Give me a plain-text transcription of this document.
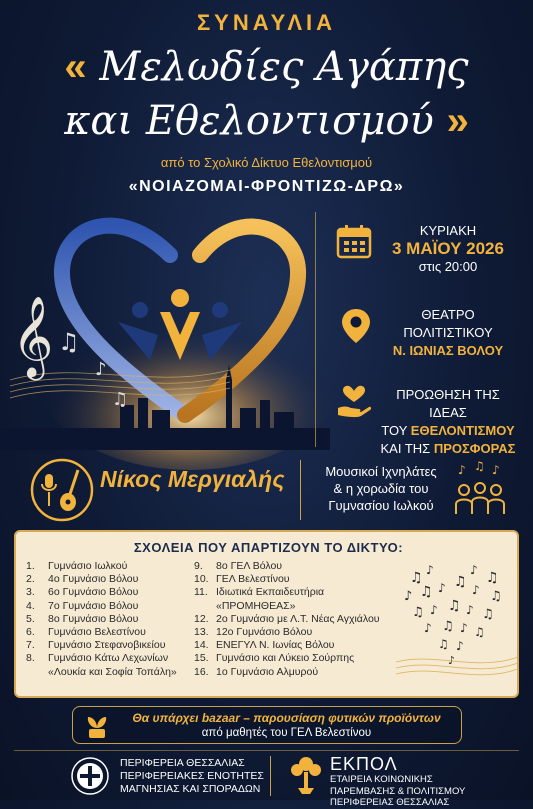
ΣΥΝΑΥΛΙΑ
« Μελωδίες Αγάπης
και Εθελοντισμού »
από το Σχολικό Δίκτυο Εθελοντισμού
«ΝΟΙΑΖΟΜΑΙ-ΦΡΟΝΤΙΖΩ-ΔΡΩ»
𝄞 ♫
♪
♫
ΚΥΡΙΑΚΗ
3 ΜΑΪΟΥ 2026
στις 20:00
ΘΕΑΤΡΟ
ΠΟΛΙΤΙΣΤΙΚΟΥ
Ν. ΙΩΝΙΑΣ ΒΟΛΟΥ
ΠΡΟΩΘΗΣΗ ΤΗΣ ΙΔΕΑΣ
ΤΟΥ ΕΘΕΛΟΝΤΙΣΜΟΥ
ΚΑΙ ΤΗΣ ΠΡΟΣΦΟΡΑΣ
Νίκος Μεργιαλής	Μουσικοί Ιχνηλάτες
& η χορωδία του
Γυμνασίου Ιωλκού
♪ ♫ ♪
ΣΧΟΛΕΙΑ ΠΟΥ ΑΠΑΡΤΙΖΟΥΝ ΤΟ ΔΙΚΤΥΟ:
1.	Γυμνάσιο Ιωλκού
2.	4ο Γυμνάσιο Βόλου
3.	6ο Γυμνάσιο Βόλου
4.	7ο Γυμνάσιο Βόλου
5.	8ο Γυμνάσιο Βόλου
6.	Γυμνάσιο Βελεστίνου
7.	Γυμνάσιο Στεφανοβικείου
8.	Γυμνάσιο Κάτω Λεχωνίων
«Λουκία και Σοφία Τοπάλη»
9.	8ο ΓΕΛ Βόλου
10. ΓΕΛ Βελεστίνου
11. Ιδιωτικά Εκπαιδευτήρια «ΠΡΟΜΗΘΕΑΣ»
12. 2ο Γυμνάσιο με Λ.Τ. Νέας Αγχιάλου
13. 12ο Γυμνάσιο Βόλου
14. ΕΝΕΓΥΛ Ν. Ιωνίας Βόλου
15. Γυμνάσιο και Λύκειο Σούρπης
16. 1ο Γυμνάσιο Αλμυρού
♫ ♪	♪ ♫
♪ ♫ ♪ ♫ ♪ ♫
♫ ♪ ♫ ♪ ♫
♪ ♫ ♪ ♫
♫ ♪
♪
Θα υπάρχει bazaar – παρουσίαση φυτικών προϊόντων
από μαθητές του ΓΕΛ Βελεστίνου
ΠΕΡΙΦΕΡΕΙΑ ΘΕΣΣΑΛΙΑΣ
ΠΕΡΙΦΕΡΕΙΑΚΕΣ ΕΝΟΤΗΤΕΣ
ΜΑΓΝΗΣΙΑΣ ΚΑΙ ΣΠΟΡΑΔΩΝ
ΕΚΠΟΛ
ΕΤΑΙΡΕΙΑ ΚΟΙΝΩΝΙΚΗΣ
ΠΑΡΕΜΒΑΣΗΣ & ΠΟΛΙΤΙΣΜΟΥ
ΠΕΡΙΦΕΡΕΙΑΣ ΘΕΣΣΑΛΙΑΣ
